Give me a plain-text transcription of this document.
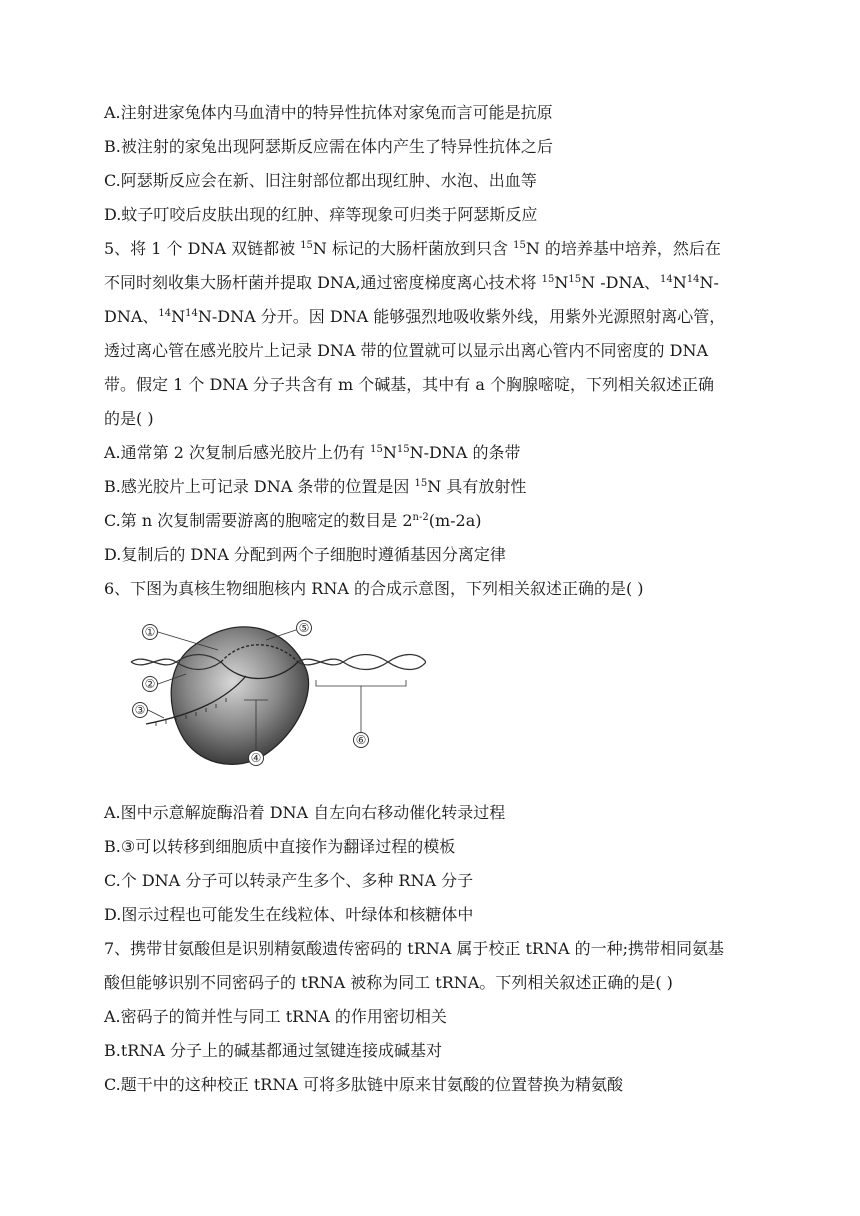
A.注射进家兔体内马血清中的特异性抗体对家兔而言可能是抗原
B.被注射的家兔出现阿瑟斯反应需在体内产生了特异性抗体之后
C.阿瑟斯反应会在新、旧注射部位都出现红肿、水泡、出血等
D.蚊子叮咬后皮肤出现的红肿、痒等现象可归类于阿瑟斯反应
5、将 1 个 DNA 双链都被 $^{15}$N 标记的大肠杆菌放到只含 $^{15}$N 的培养基中培养，然后在
不同时刻收集大肠杆菌并提取 DNA,通过密度梯度离心技术将 $^{15}N^{15}N$ -DNA、$^{14}N^{14}N-$
DNA、$^{14}N^{14}N$-DNA 分开。因 DNA 能够强烈地吸收紫外线，用紫外光源照射离心管，
透过离心管在感光胶片上记录 DNA 带的位置就可以显示出离心管内不同密度的 DNA
带。假定 1 个 DNA 分子共含有 m 个碱基，其中有 a 个胸腺嘧啶，下列相关叙述正确
的是( )
A.通常第 2 次复制后感光胶片上仍有 $^{15}N^{15}N$-DNA 的条带
B.感光胶片上可记录 DNA 条带的位置是因 $^{15}$N 具有放射性
C.第 n 次复制需要游离的胞嘧定的数目是 2$^{n-2}$(m-2a)
D.复制后的 DNA 分配到两个子细胞时遵循基因分离定律
6、下图为真核生物细胞核内 RNA 的合成示意图，下列相关叙述正确的是( )
①
②
③
④
⑤
⑥
A.图中示意解旋酶沿着 DNA 自左向右移动催化转录过程
B.③可以转移到细胞质中直接作为翻译过程的模板
C.个 DNA 分子可以转录产生多个、多种 RNA 分子
D.图示过程也可能发生在线粒体、叶绿体和核糖体中
7、携带甘氨酸但是识别精氨酸遗传密码的 tRNA 属于校正 tRNA 的一种;携带相同氨基
酸但能够识别不同密码子的 tRNA 被称为同工 tRNA。下列相关叙述正确的是( )
A.密码子的简并性与同工 tRNA 的作用密切相关
B.tRNA 分子上的碱基都通过氢键连接成碱基对
C.题干中的这种校正 tRNA 可将多肽链中原来甘氨酸的位置替换为精氨酸
